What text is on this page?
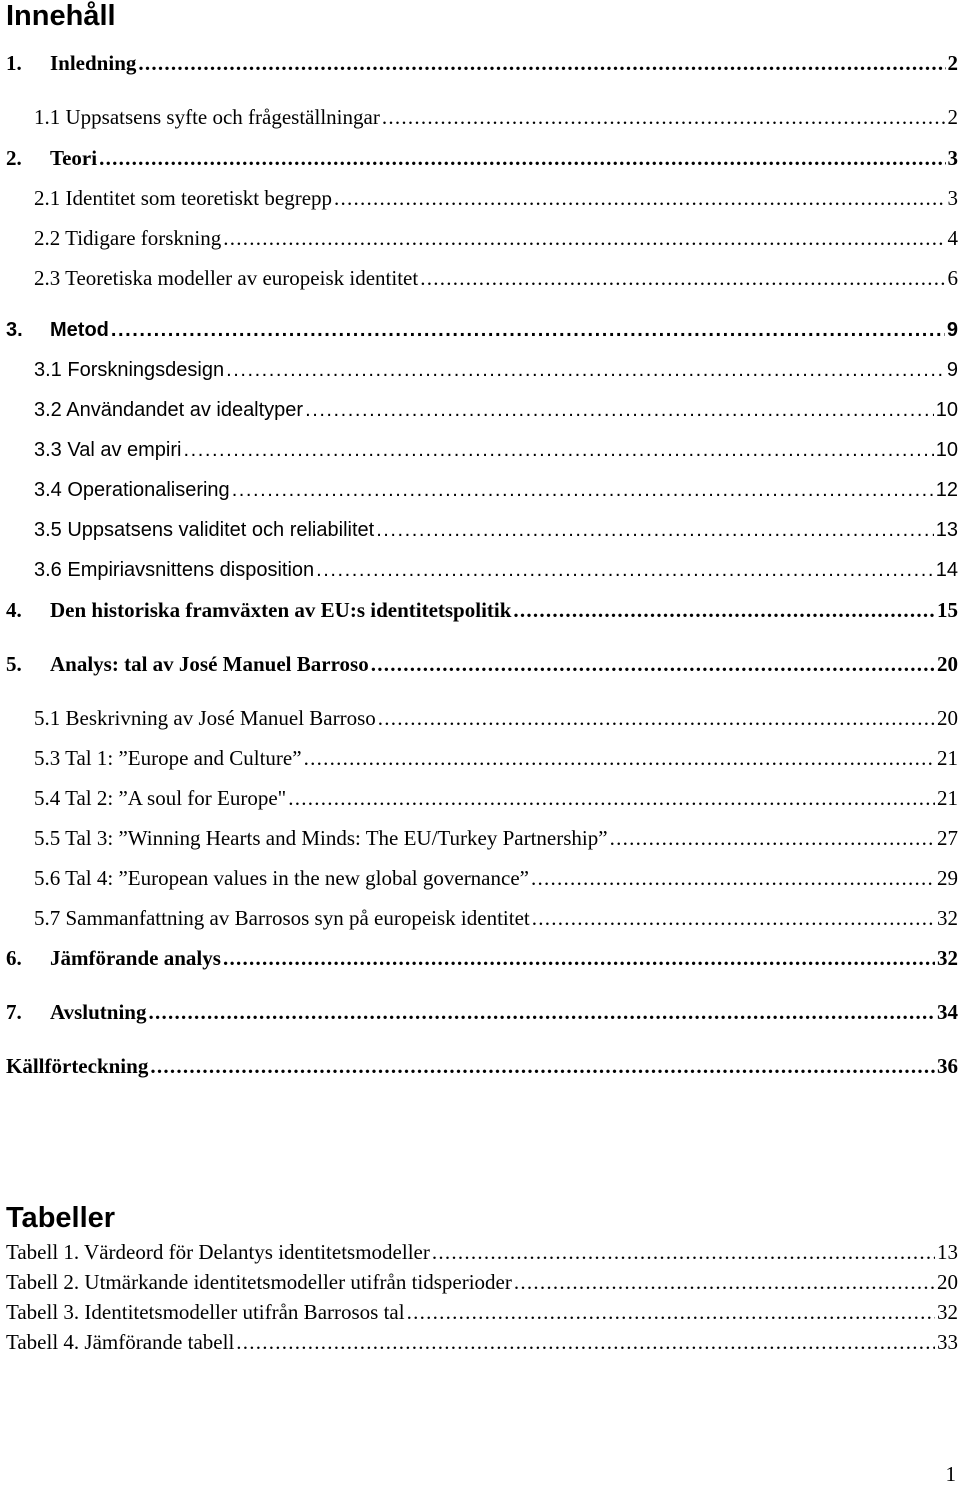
Innehåll
1.	Inledning . . .	2
1.1 Uppsatsens syfte och frågeställningar . . .	2
2.	Teori . . .	3
2.1 Identitet som teoretiskt begrepp . . .	3
2.2 Tidigare forskning . . .	4
2.3 Teoretiska modeller av europeisk identitet . . .	6
3.	Metod . . .	9
3.1 Forskningsdesign . . .	9
3.2 Användandet av idealtyper . . .	10
3.3 Val av empiri . . .	10
3.4 Operationalisering . . .	12
3.5 Uppsatsens validitet och reliabilitet . . .	13
3.6 Empiriavsnittens disposition . . .	14
4.	Den historiska framväxten av EU:s identitetspolitik . . .	15
5.	Analys: tal av José Manuel Barroso . . .	20
5.1 Beskrivning av José Manuel Barroso . . .	20
5.3 Tal 1: ”Europe and Culture” . . .	21
5.4 Tal 2: ”A soul for Europe" . . .	21
5.5 Tal 3: ”Winning Hearts and Minds: The EU/Turkey Partnership” . . .	27
5.6 Tal 4: ”European values in the new global governance” . . .	29
5.7 Sammanfattning av Barrosos syn på europeisk identitet . . .	32
6.	Jämförande analys . . .	32
7.	Avslutning . . .	34
Källförteckning . . .	36
Tabeller
Tabell 1. Värdeord för Delantys identitetsmodeller . . .	13
Tabell 2. Utmärkande identitetsmodeller utifrån tidsperioder . . .	20
Tabell 3. Identitetsmodeller utifrån Barrosos tal . . .	32
Tabell 4. Jämförande tabell . . .	33
1
